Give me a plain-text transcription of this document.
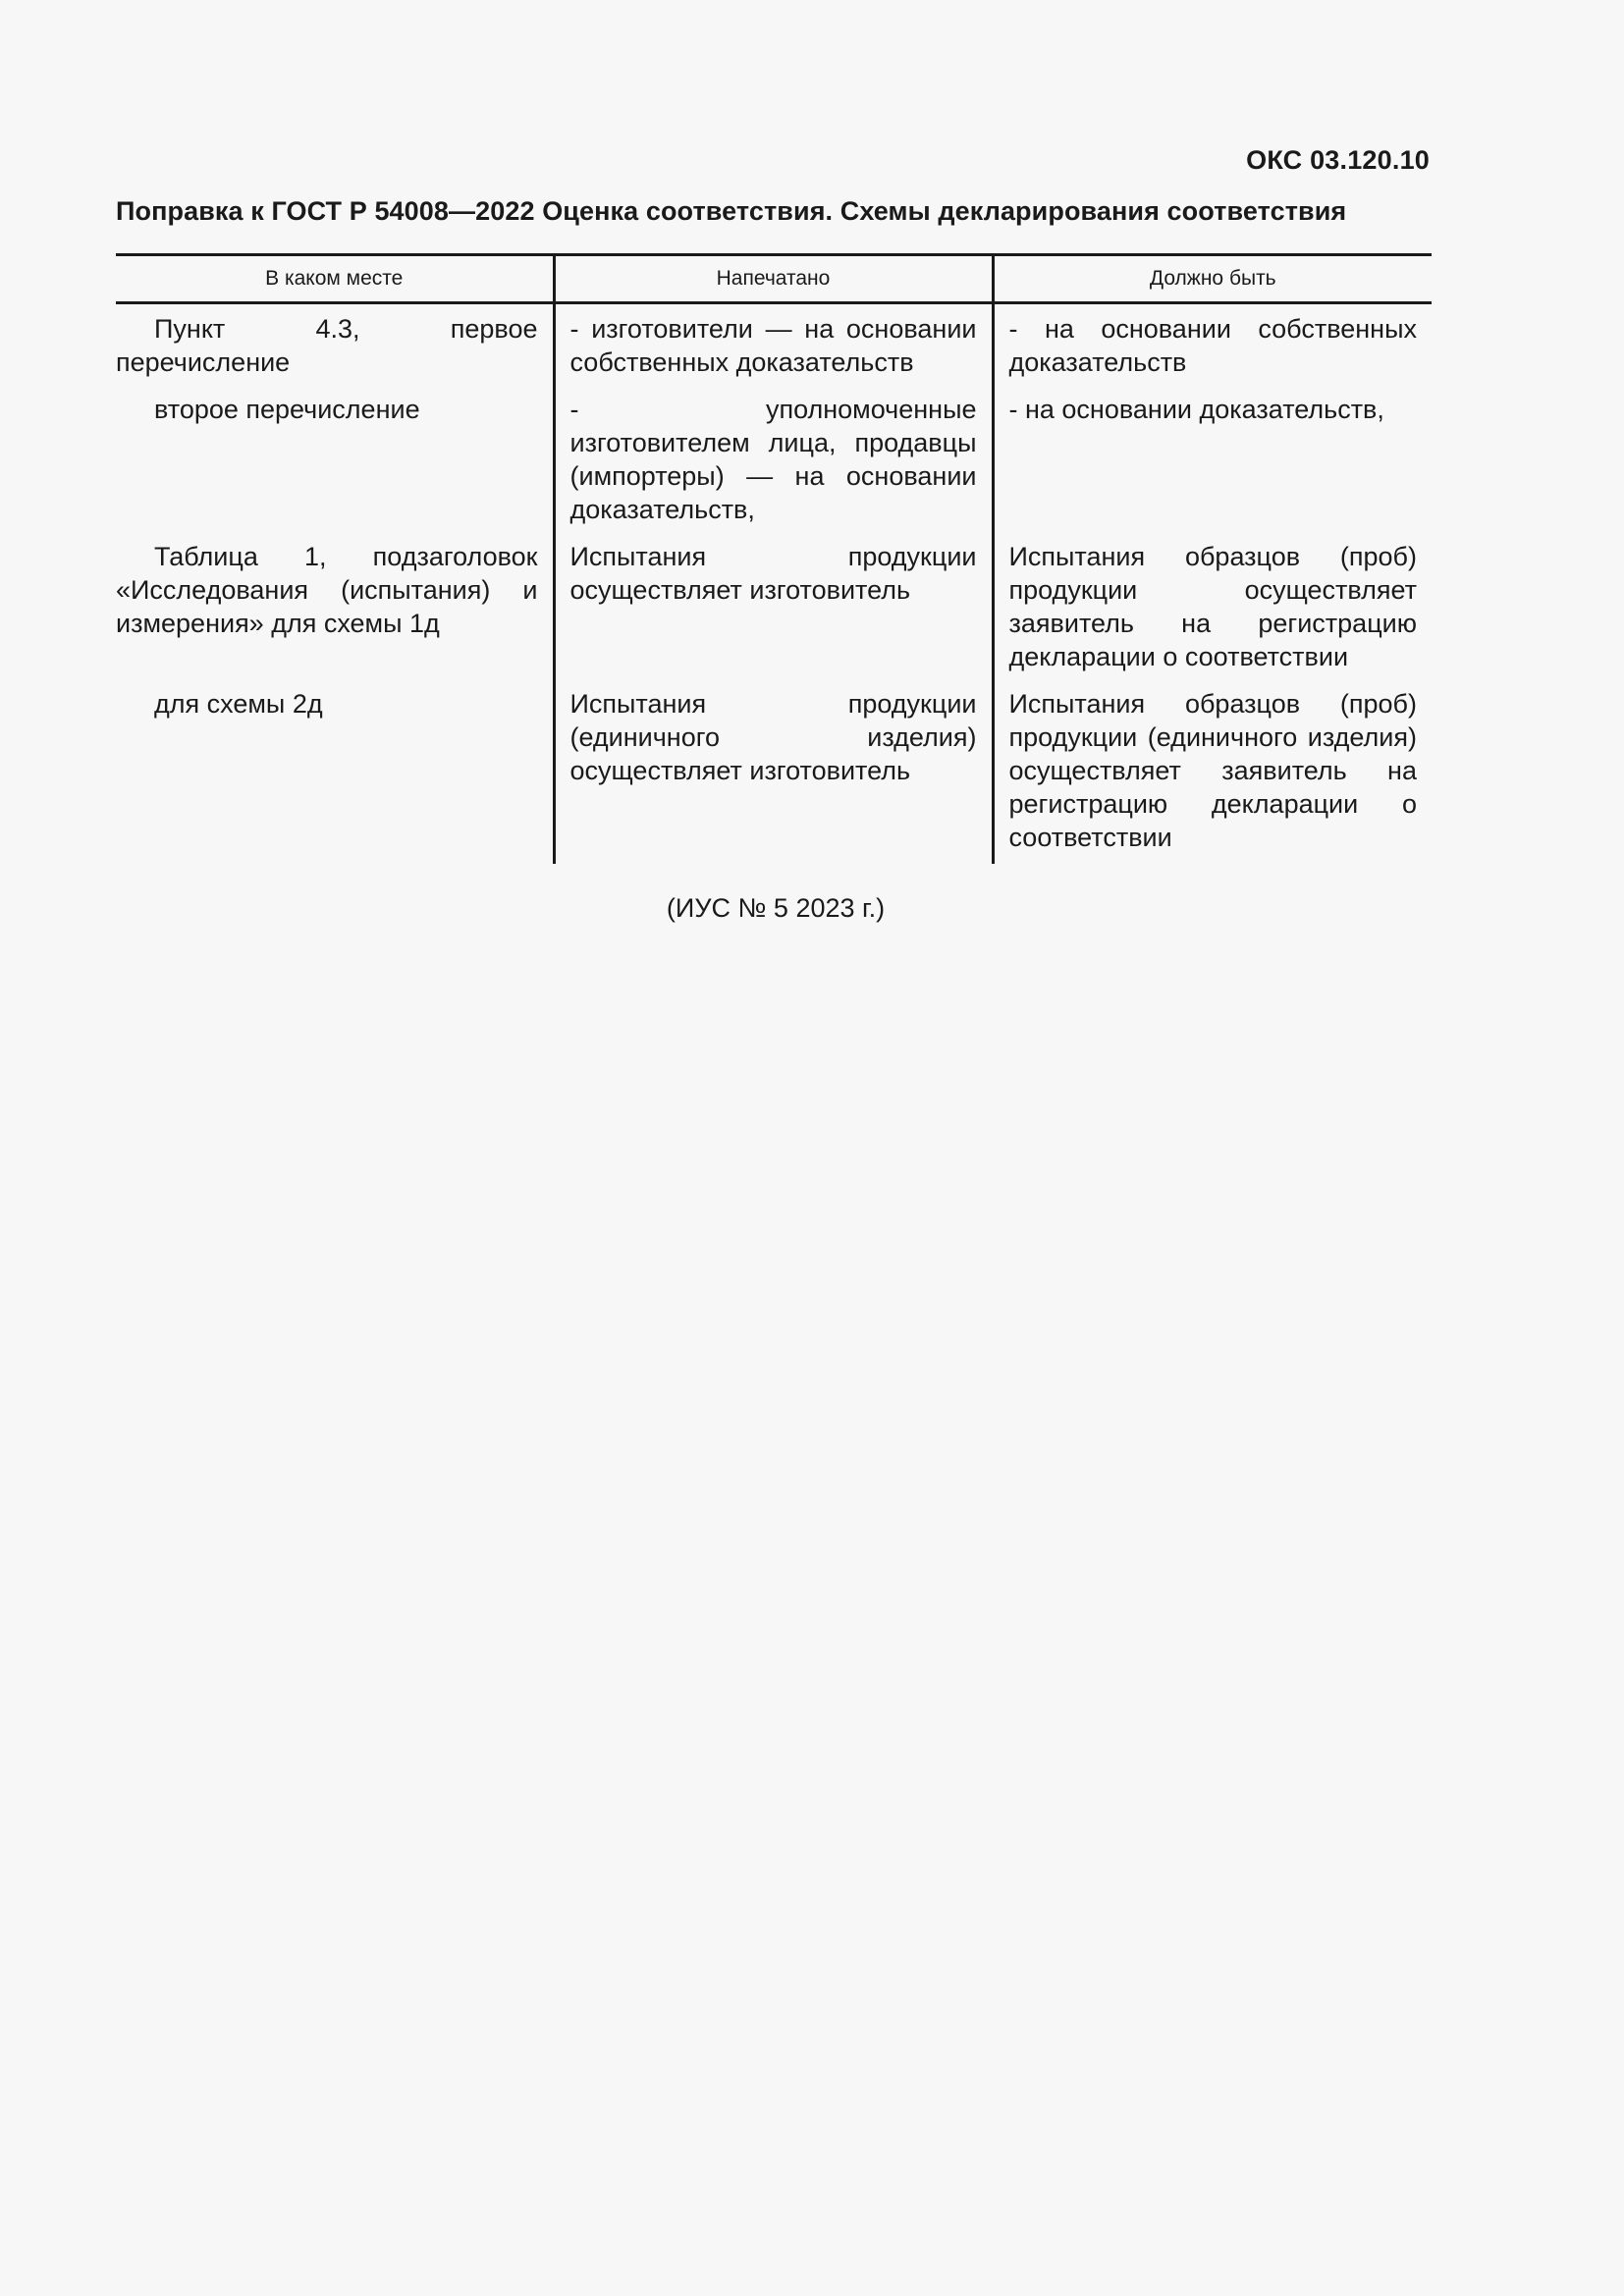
ОКС 03.120.10
Поправка к ГОСТ Р 54008—2022 Оценка соответствия. Схемы декларирования соответствия
В каком месте	Напечатано	Должно быть

Пункт 4.3, первое перечисление	- изготовители — на основании собственных доказательств	- на основании собственных доказательств

второе перечисление	- уполномоченные изготовителем лица, продавцы (импортеры) — на основании доказательств,	- на основании доказательств,

Таблица 1, подзаголовок «Исследования (испытания) и измерения» для схемы 1д	Испытания продукции осуществляет изготовитель	Испытания образцов (проб) продукции осуществляет заявитель на регистрацию декларации о соответствии

для схемы 2д	Испытания продукции (единичного изделия) осуществляет изготовитель	Испытания образцов (проб) продукции (единичного изделия) осуществляет заявитель на регистрацию декларации о соответствии
(ИУС № 5 2023 г.)
